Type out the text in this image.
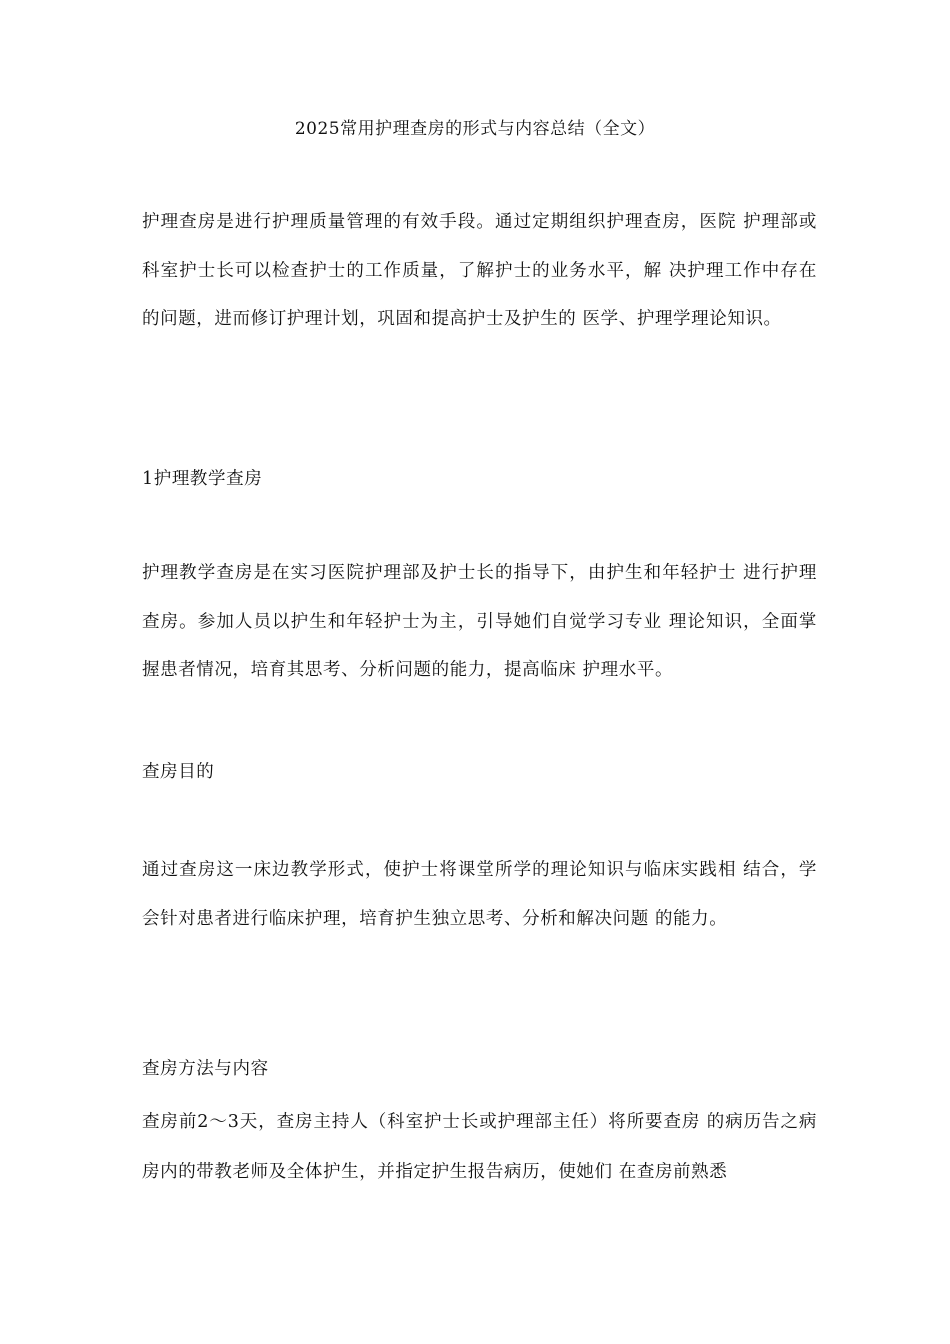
2025常用护理查房的形式与内容总结（全文）

护理查房是进行护理质量管理的有效手段。通过定期组织护理查房，医院 护理部或科室护士长可以检查护士的工作质量，了解护士的业务水平，解 决护理工作中存在的问题，进而修订护理计划，巩固和提高护士及护生的 医学、护理学理论知识。

1护理教学查房

护理教学查房是在实习医院护理部及护士长的指导下，由护生和年轻护士 进行护理查房。参加人员以护生和年轻护士为主，引导她们自觉学习专业 理论知识，全面掌握患者情况，培育其思考、分析问题的能力，提高临床 护理水平。

查房目的

通过查房这一床边教学形式，使护士将课堂所学的理论知识与临床实践相 结合，学会针对患者进行临床护理，培育护生独立思考、分析和解决问题 的能力。

查房方法与内容

查房前2〜3天，查房主持人（科室护士长或护理部主任）将所要查房 的病历告之病房内的带教老师及全体护生，并指定护生报告病历，使她们 在查房前熟悉
